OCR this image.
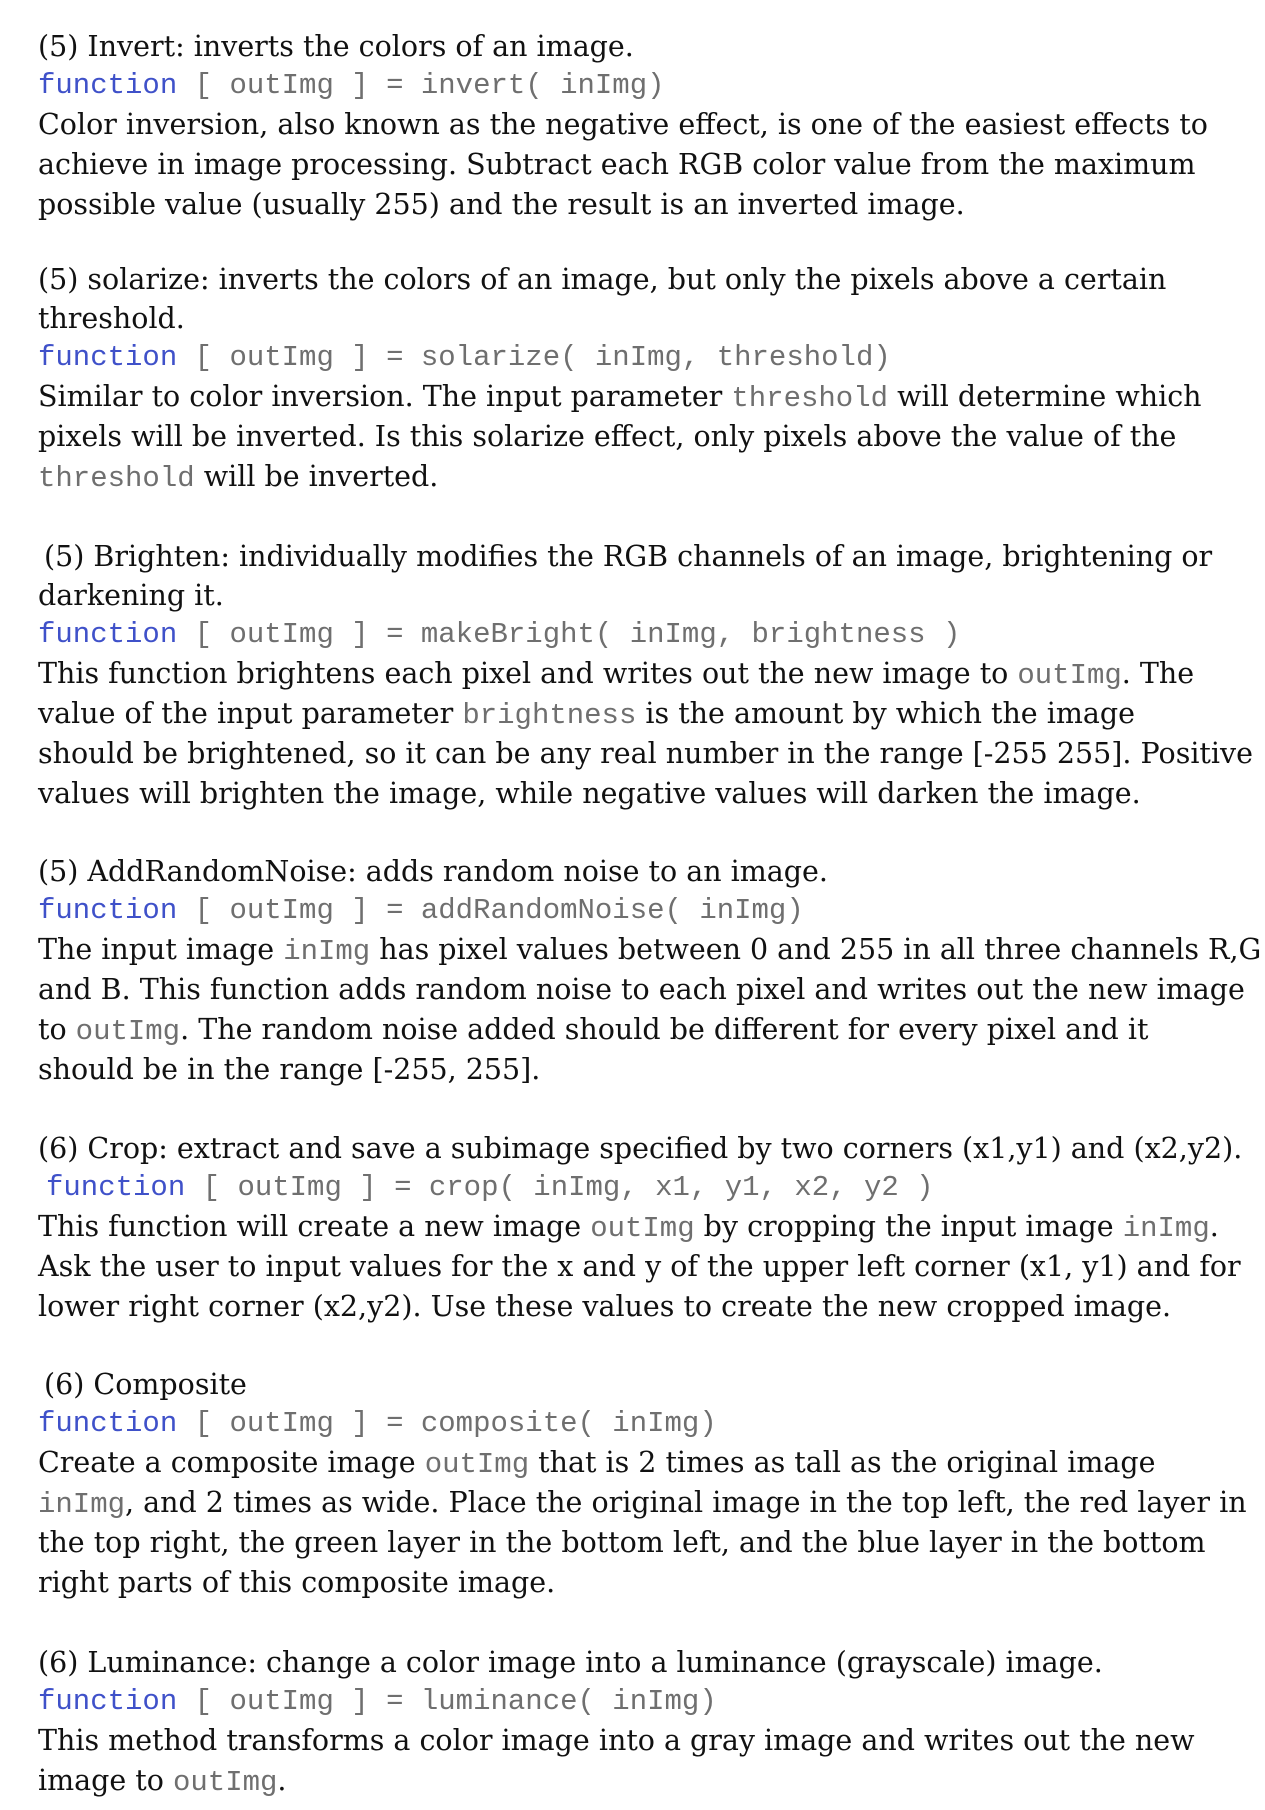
(5) Invert: inverts the colors of an image.
function [ outImg ] = invert( inImg)
Color inversion, also known as the negative effect, is one of the easiest effects to
achieve in image processing. Subtract each RGB color value from the maximum
possible value (usually 255) and the result is an inverted image.
(5) solarize: inverts the colors of an image, but only the pixels above a certain
threshold.
function [ outImg ] = solarize( inImg, threshold)
Similar to color inversion. The input parameter threshold will determine which
pixels will be inverted. Is this solarize effect, only pixels above the value of the
threshold will be inverted.
(5) Brighten: individually modifies the RGB channels of an image, brightening or
darkening it.
function [ outImg ] = makeBright( inImg, brightness )
This function brightens each pixel and writes out the new image to outImg. The
value of the input parameter brightness is the amount by which the image
should be brightened, so it can be any real number in the range [-255 255]. Positive
values will brighten the image, while negative values will darken the image.
(5) AddRandomNoise: adds random noise to an image.
function [ outImg ] = addRandomNoise( inImg)
The input image inImg has pixel values between 0 and 255 in all three channels R,G
and B. This function adds random noise to each pixel and writes out the new image
to outImg. The random noise added should be different for every pixel and it
should be in the range [-255, 255].
(6) Crop: extract and save a subimage specified by two corners (x1,y1) and (x2,y2).
function [ outImg ] = crop( inImg, x1, y1, x2, y2 )
This function will create a new image outImg by cropping the input image inImg.
Ask the user to input values for the x and y of the upper left corner (x1, y1) and for
lower right corner (x2,y2). Use these values to create the new cropped image.
(6) Composite
function [ outImg ] = composite( inImg)
Create a composite image outImg that is 2 times as tall as the original image
inImg, and 2 times as wide. Place the original image in the top left, the red layer in
the top right, the green layer in the bottom left, and the blue layer in the bottom
right parts of this composite image.
(6) Luminance: change a color image into a luminance (grayscale) image.
function [ outImg ] = luminance( inImg)
This method transforms a color image into a gray image and writes out the new
image to outImg.
